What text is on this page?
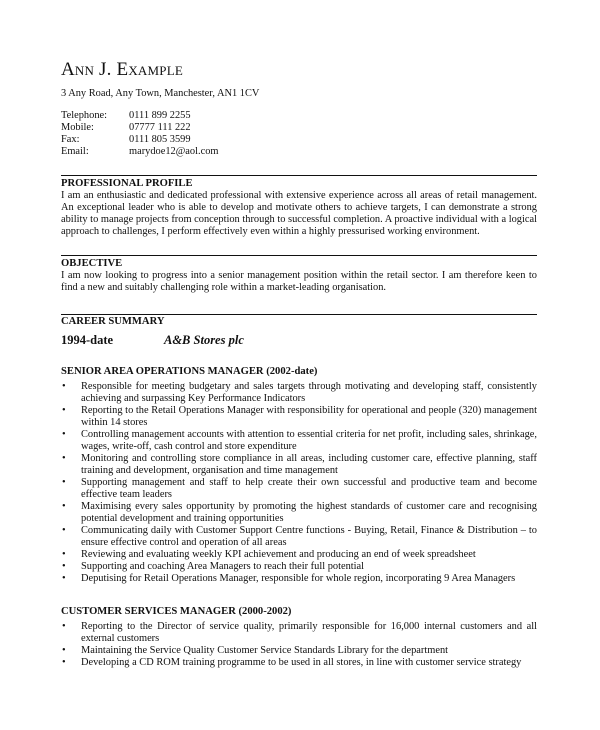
Ann J. Example
3 Any Road, Any Town, Manchester, AN1 1CV
Telephone:	0111 899 2255
Mobile:	07777 111 222
Fax:	0111 805 3599
Email:	marydoe12@aol.com
PROFESSIONAL PROFILE

I am an enthusiastic and dedicated professional with extensive experience across all areas of retail management. An exceptional leader who is able to develop and motivate others to achieve targets, I can demonstrate a strong ability to manage projects from conception through to successful completion. A proactive individual with a logical approach to challenges, I perform effectively even within a highly pressurised working environment.

OBJECTIVE

I am now looking to progress into a senior management position within the retail sector. I am therefore keen to find a new and suitably challenging role within a market-leading organisation.

CAREER SUMMARY
1994-date	A&B Stores plc
SENIOR AREA OPERATIONS MANAGER (2002-date)
• Responsible for meeting budgetary and sales targets through motivating and developing staff, consistently achieving and surpassing Key Performance Indicators
• Reporting to the Retail Operations Manager with responsibility for operational and people (320) management within 14 stores
• Controlling management accounts with attention to essential criteria for net profit, including sales, shrinkage, wages, write-off, cash control and store expenditure
• Monitoring and controlling store compliance in all areas, including customer care, effective planning, staff training and development, organisation and time management
• Supporting management and staff to help create their own successful and productive team and become effective team leaders
• Maximising every sales opportunity by promoting the highest standards of customer care and recognising potential development and training opportunities
• Communicating daily with Customer Support Centre functions - Buying, Retail, Finance & Distribution – to ensure effective control and operation of all areas
• Reviewing and evaluating weekly KPI achievement and producing an end of week spreadsheet
• Supporting and coaching Area Managers to reach their full potential
• Deputising for Retail Operations Manager, responsible for whole region, incorporating 9 Area Managers
CUSTOMER SERVICES MANAGER (2000-2002)
• Reporting to the Director of service quality, primarily responsible for 16,000 internal customers and all external customers
• Maintaining the Service Quality Customer Service Standards Library for the department
• Developing a CD ROM training programme to be used in all stores, in line with customer service strategy
